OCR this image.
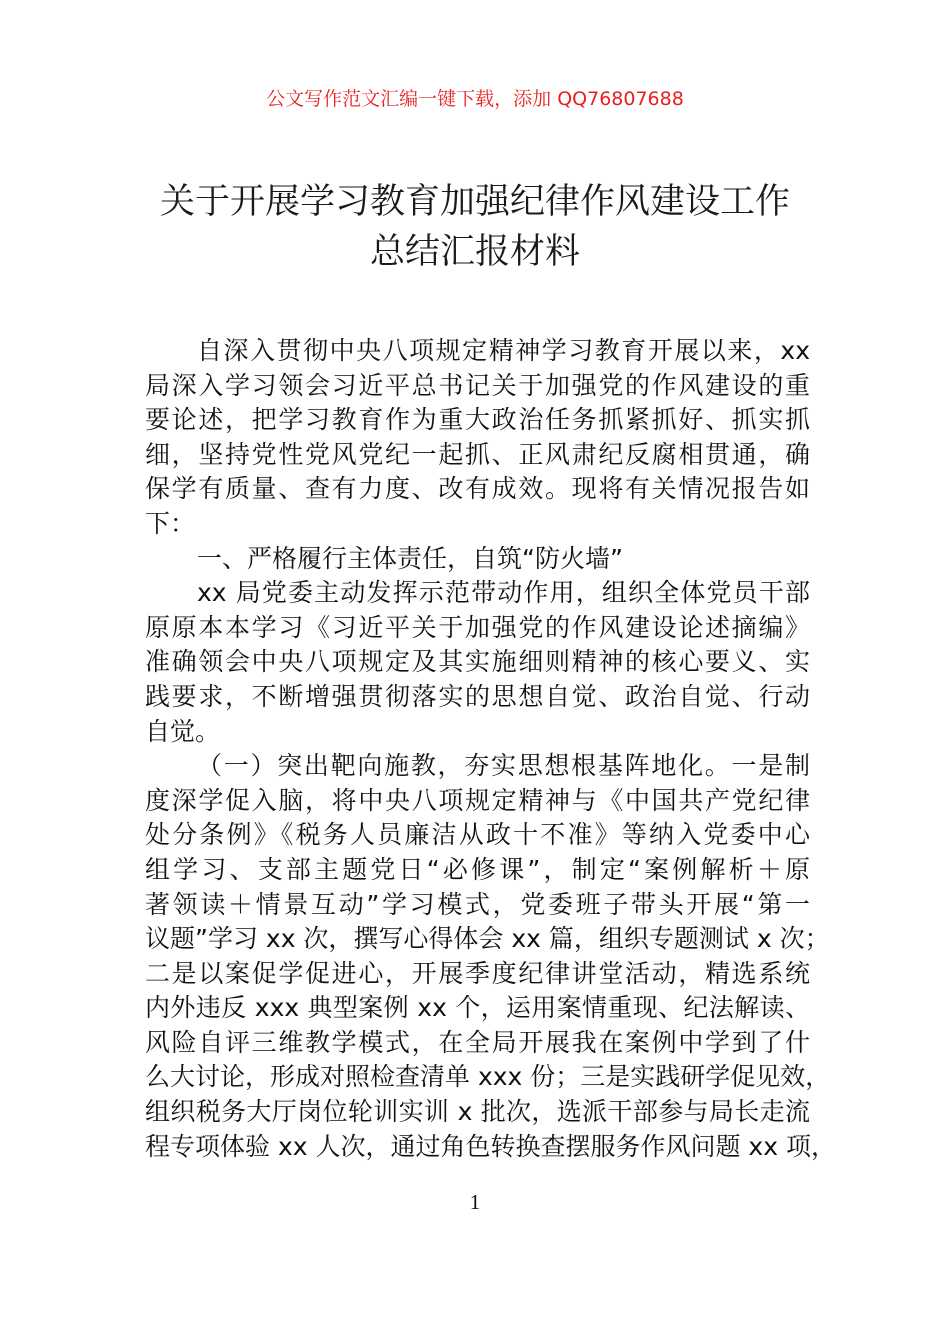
公文写作范文汇编一键下载，添加 QQ76807688
关于开展学习教育加强纪律作风建设工作
总结汇报材料
自深入贯彻中央八项规定精神学习教育开展以来，xx
局深入学习领会习近平总书记关于加强党的作风建设的重
要论述，把学习教育作为重大政治任务抓紧抓好、抓实抓
细，坚持党性党风党纪一起抓、正风肃纪反腐相贯通，确
保学有质量、查有力度、改有成效。现将有关情况报告如
下：
一、严格履行主体责任，自筑“防火墙”
xx 局党委主动发挥示范带动作用，组织全体党员干部
原原本本学习《习近平关于加强党的作风建设论述摘编》
准确领会中央八项规定及其实施细则精神的核心要义、实
践要求，不断增强贯彻落实的思想自觉、政治自觉、行动
自觉。
（一）突出靶向施教，夯实思想根基阵地化。一是制
度深学促入脑，将中央八项规定精神与《中国共产党纪律
处分条例》《税务人员廉洁从政十不准》等纳入党委中心
组学习、支部主题党日“必修课”，制定“案例解析＋原
著领读＋情景互动”学习模式，党委班子带头开展“第一
议题”学习 xx 次，撰写心得体会 xx 篇，组织专题测试 x 次；
二是以案促学促进心，开展季度纪律讲堂活动，精选系统
内外违反 xxx 典型案例 xx 个，运用案情重现、纪法解读、
风险自评三维教学模式，在全局开展我在案例中学到了什
么大讨论，形成对照检查清单 xxx 份；三是实践研学促见效，
组织税务大厅岗位轮训实训 x 批次，选派干部参与局长走流
程专项体验 xx 人次，通过角色转换查摆服务作风问题 xx 项，
1
